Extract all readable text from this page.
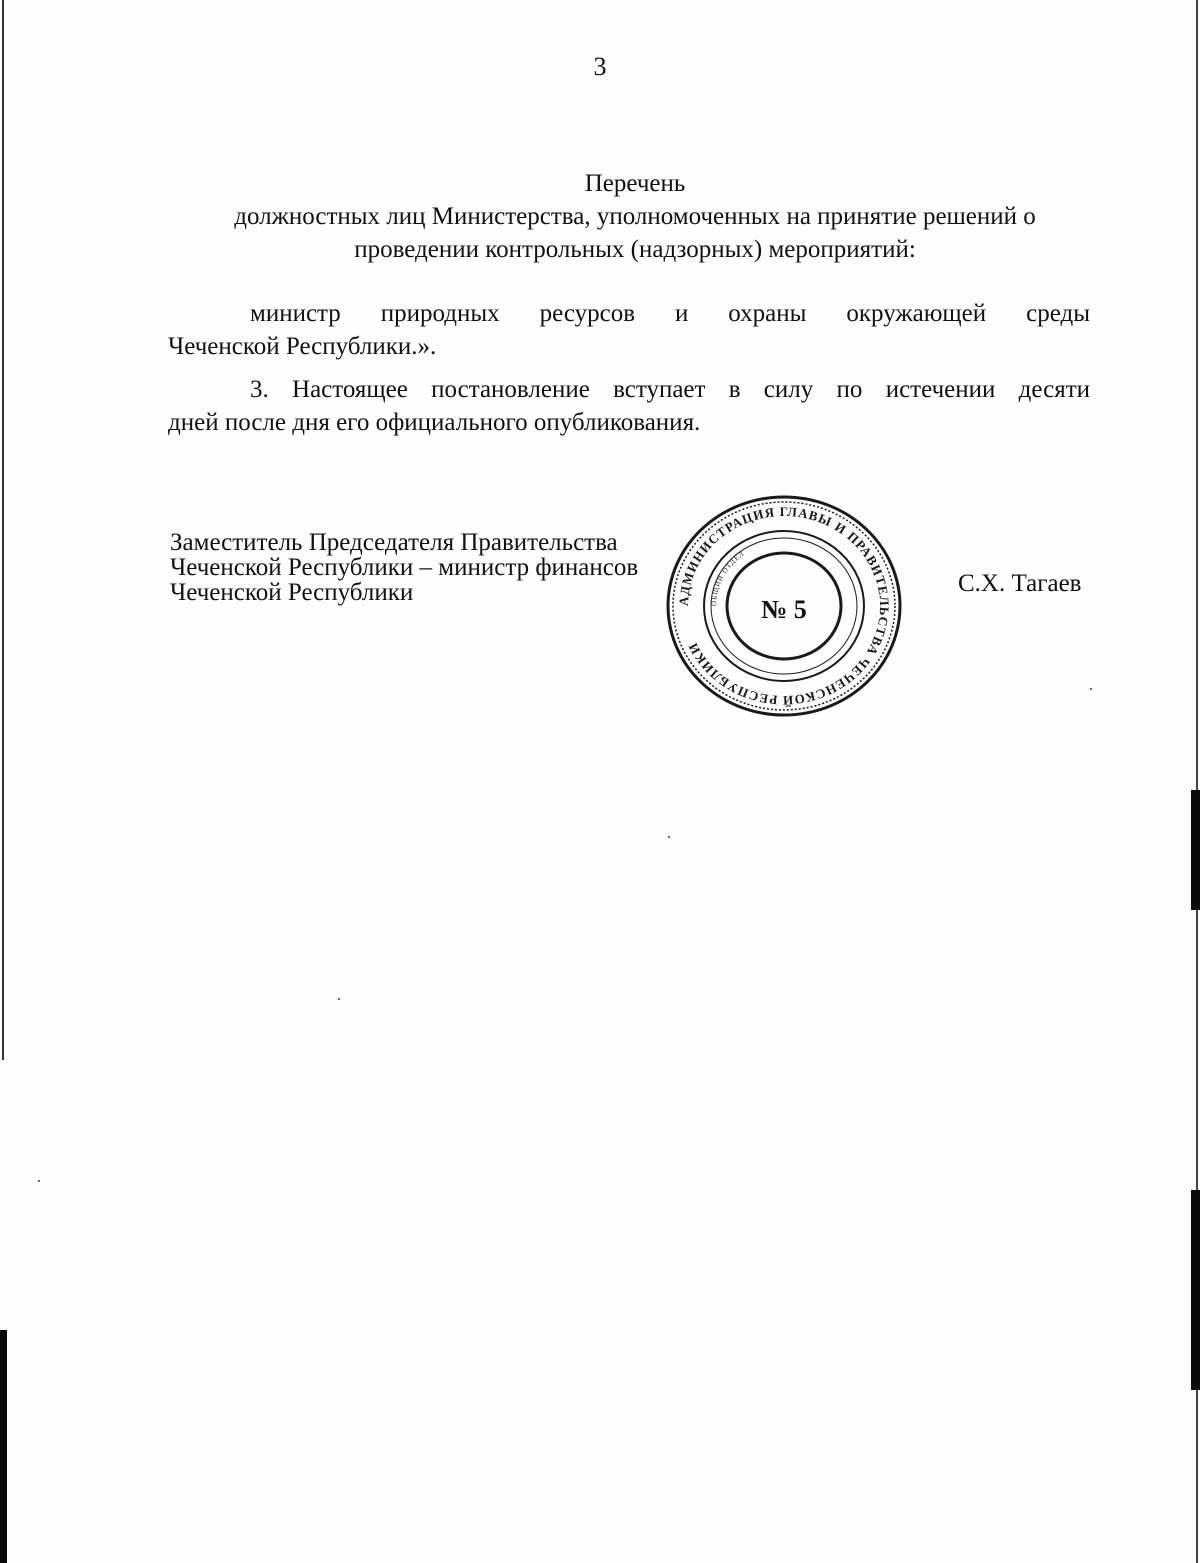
3
Перечень
должностных лиц Министерства, уполномоченных на принятие решений о
проведении контрольных (надзорных) мероприятий:
министр природных ресурсов и охраны окружающей среды
Чеченской Республики.».
3. Настоящее постановление вступает в силу по истечении десяти
дней после дня его официального опубликования.
Заместитель Председателя Правительства
Чеченской Республики – министр финансов
Чеченской Республики	С.Х. Тагаев
АДМИНИСТРАЦИЯ ГЛАВЫ И ПРАВИТЕЛЬСТВА ЧЕЧЕНСКОЙ РЕСПУБЛИКИ
ОБЩИЙ ОТДЕЛ
№ 5
